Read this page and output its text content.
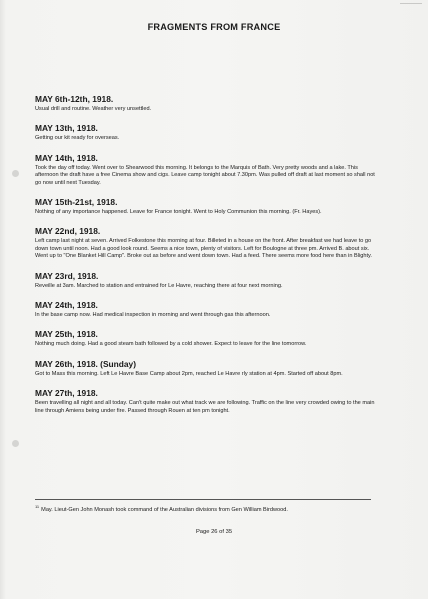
FRAGMENTS FROM FRANCE
MAY 6th-12th, 1918.

Usual drill and routine. Weather very unsettled.

MAY 13th, 1918.

Getting our kit ready for overseas.

MAY 14th, 1918.

Took the day off today. Went over to Shearwood this morning. It belongs to the Marquis of Bath. Very pretty woods and a lake. This afternoon the draft have a free Cinema show and cigs. Leave camp tonight about 7.30pm. Was pulled off draft at last moment so shall not go now until next Tuesday.

MAY 15th-21st, 1918.

Nothing of any importance happened. Leave for France tonight. Went to Holy Communion this morning. (Fr. Hayes).

MAY 22nd, 1918.

Left camp last night at seven. Arrived Folkestone this morning at four. Billeted in a house on the front. After breakfast we had leave to go down town until noon. Had a good look round. Seems a nice town, plenty of visitors. Left for Boulogne at three pm. Arrived B. about six. Went up to "One Blanket Hill Camp". Broke out as before and went down town. Had a feed. There seems more food here than in Blighty.

MAY 23rd, 1918.

Reveille at 3am. Marched to station and entrained for Le Havre, reaching there at four next morning.

MAY 24th, 1918.

In the base camp now. Had medical inspection in morning and went through gas this afternoon.

MAY 25th, 1918.

Nothing much doing. Had a good steam bath followed by a cold shower. Expect to leave for the line tomorrow.

MAY 26th, 1918. (Sunday)

Got to Mass this morning. Left Le Havre Base Camp about 2pm, reached Le Havre rly station at 4pm. Started off about 8pm.

MAY 27th, 1918.

Been travelling all night and all today. Can't quite make out what track we are following. Traffic on the line very crowded owing to the main line through Amiens being under fire. Passed through Rouen at ten pm tonight.

$^{11}$May. Lieut-Gen John Monash took command of the Australian divisions from Gen William Birdwood.
Page 26 of 35
